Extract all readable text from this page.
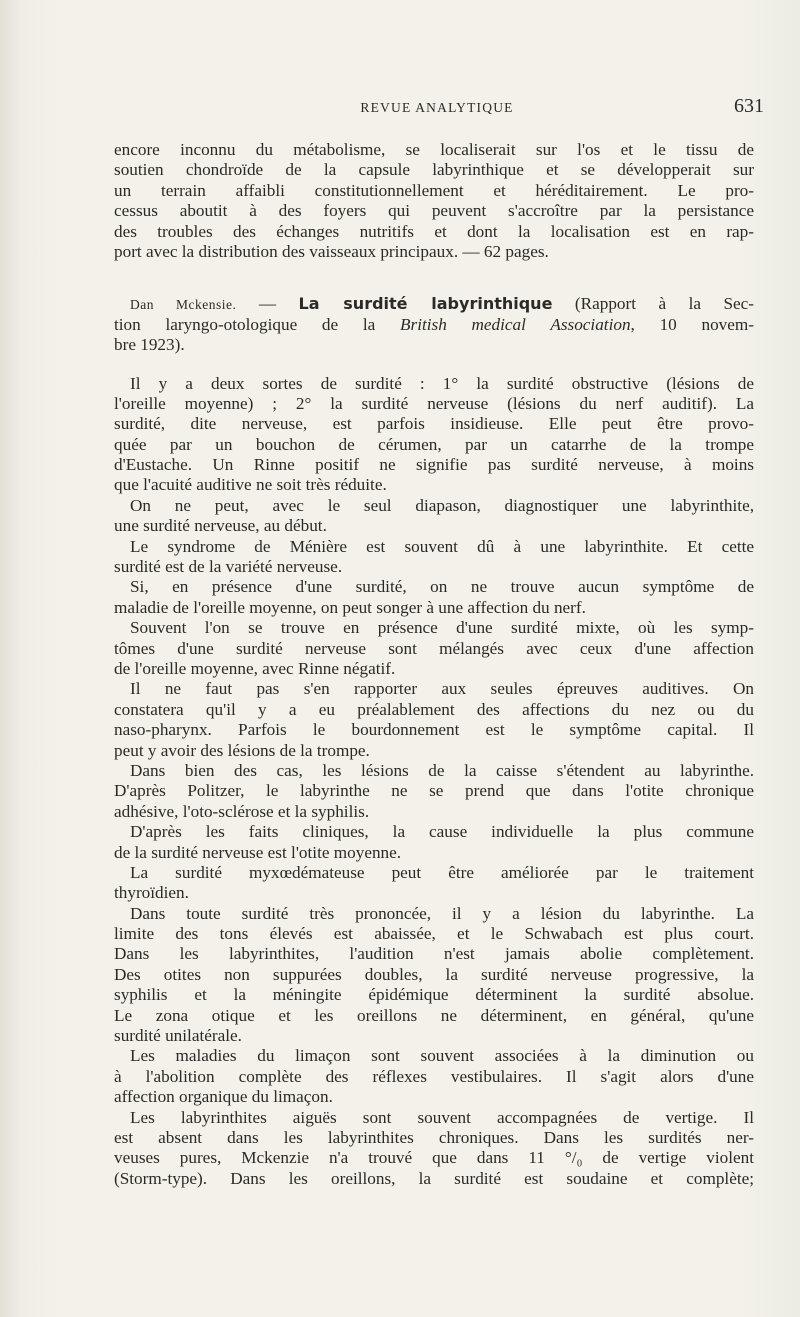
REVUE ANALYTIQUE	631
encore inconnu du métabolisme, se localiserait sur l'os et le tissu de
soutien chondroïde de la capsule labyrinthique et se développerait sur
un terrain affaibli constitutionnellement et héréditairement. Le pro-
cessus aboutit à des foyers qui peuvent s'accroître par la persistance
des troubles des échanges nutritifs et dont la localisation est en rap-
port avec la distribution des vaisseaux principaux. — 62 pages.
Dan Mckensie. — La surdité labyrinthique (Rapport à la Sec-
tion laryngo-otologique de la British medical Association, 10 novem-
bre 1923).
Il y a deux sortes de surdité : 1° la surdité obstructive (lésions de
l'oreille moyenne) ; 2° la surdité nerveuse (lésions du nerf auditif). La
surdité, dite nerveuse, est parfois insidieuse. Elle peut être provo-
quée par un bouchon de cérumen, par un catarrhe de la trompe
d'Eustache. Un Rinne positif ne signifie pas surdité nerveuse, à moins
que l'acuité auditive ne soit très réduite.
On ne peut, avec le seul diapason, diagnostiquer une labyrinthite,
une surdité nerveuse, au début.
Le syndrome de Ménière est souvent dû à une labyrinthite. Et cette
surdité est de la variété nerveuse.
Si, en présence d'une surdité, on ne trouve aucun symptôme de
maladie de l'oreille moyenne, on peut songer à une affection du nerf.
Souvent l'on se trouve en présence d'une surdité mixte, où les symp-
tômes d'une surdité nerveuse sont mélangés avec ceux d'une affection
de l'oreille moyenne, avec Rinne négatif.
Il ne faut pas s'en rapporter aux seules épreuves auditives. On
constatera qu'il y a eu préalablement des affections du nez ou du
naso-pharynx. Parfois le bourdonnement est le symptôme capital. Il
peut y avoir des lésions de la trompe.
Dans bien des cas, les lésions de la caisse s'étendent au labyrinthe.
D'après Politzer, le labyrinthe ne se prend que dans l'otite chronique
adhésive, l'oto-sclérose et la syphilis.
D'après les faits cliniques, la cause individuelle la plus commune
de la surdité nerveuse est l'otite moyenne.
La surdité myxœdémateuse peut être améliorée par le traitement
thyroïdien.
Dans toute surdité très prononcée, il y a lésion du labyrinthe. La
limite des tons élevés est abaissée, et le Schwabach est plus court.
Dans les labyrinthites, l'audition n'est jamais abolie complètement.
Des otites non suppurées doubles, la surdité nerveuse progressive, la
syphilis et la méningite épidémique déterminent la surdité absolue.
Le zona otique et les oreillons ne déterminent, en général, qu'une
surdité unilatérale.
Les maladies du limaçon sont souvent associées à la diminution ou
à l'abolition complète des réflexes vestibulaires. Il s'agit alors d'une
affection organique du limaçon.
Les labyrinthites aiguës sont souvent accompagnées de vertige. Il
est absent dans les labyrinthites chroniques. Dans les surdités ner-
veuses pures, Mckenzie n'a trouvé que dans 11 °/₀ de vertige violent
(Storm-type). Dans les oreillons, la surdité est soudaine et complète;
